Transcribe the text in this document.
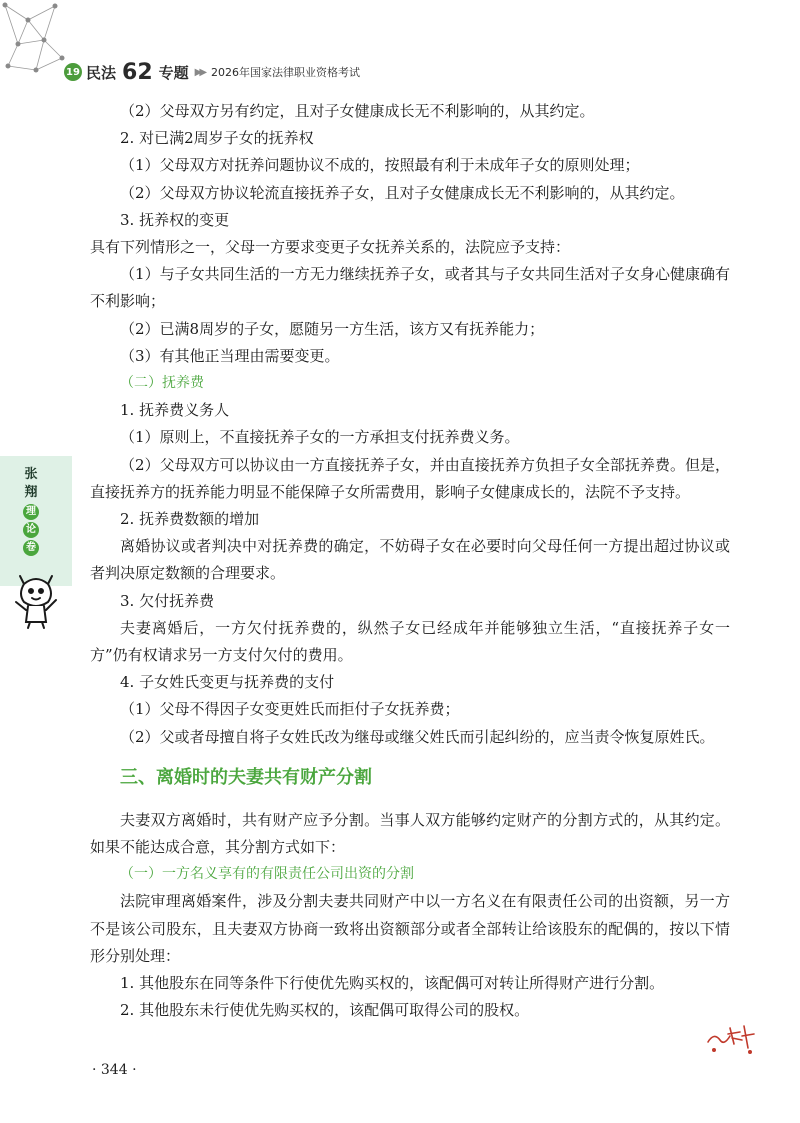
19 民法 62 专题 ▶▶ 2026年国家法律职业资格考试
张
翔
理
论
卷

（2）父母双方另有约定，且对子女健康成长无不利影响的，从其约定。

2. 对已满2周岁子女的抚养权

（1）父母双方对抚养问题协议不成的，按照最有利于未成年子女的原则处理；

（2）父母双方协议轮流直接抚养子女，且对子女健康成长无不利影响的，从其约定。

3. 抚养权的变更

具有下列情形之一，父母一方要求变更子女抚养关系的，法院应予支持：

（1）与子女共同生活的一方无力继续抚养子女，或者其与子女共同生活对子女身心健康确有不利影响；

（2）已满8周岁的子女，愿随另一方生活，该方又有抚养能力；

（3）有其他正当理由需要变更。

（二）抚养费

1. 抚养费义务人

（1）原则上，不直接抚养子女的一方承担支付抚养费义务。

（2）父母双方可以协议由一方直接抚养子女，并由直接抚养方负担子女全部抚养费。但是，直接抚养方的抚养能力明显不能保障子女所需费用，影响子女健康成长的，法院不予支持。

2. 抚养费数额的增加

离婚协议或者判决中对抚养费的确定，不妨碍子女在必要时向父母任何一方提出超过协议或者判决原定数额的合理要求。

3. 欠付抚养费

夫妻离婚后，一方欠付抚养费的，纵然子女已经成年并能够独立生活，“直接抚养子女一方”仍有权请求另一方支付欠付的费用。

4. 子女姓氏变更与抚养费的支付

（1）父母不得因子女变更姓氏而拒付子女抚养费；

（2）父或者母擅自将子女姓氏改为继母或继父姓氏而引起纠纷的，应当责令恢复原姓氏。

三、离婚时的夫妻共有财产分割

夫妻双方离婚时，共有财产应予分割。当事人双方能够约定财产的分割方式的，从其约定。如果不能达成合意，其分割方式如下：

（一）一方名义享有的有限责任公司出资的分割

法院审理离婚案件，涉及分割夫妻共同财产中以一方名义在有限责任公司的出资额，另一方不是该公司股东，且夫妻双方协商一致将出资额部分或者全部转让给该股东的配偶的，按以下情形分别处理：

1. 其他股东在同等条件下行使优先购买权的，该配偶可对转让所得财产进行分割。

2. 其他股东未行使优先购买权的，该配偶可取得公司的股权。

· 344 ·
